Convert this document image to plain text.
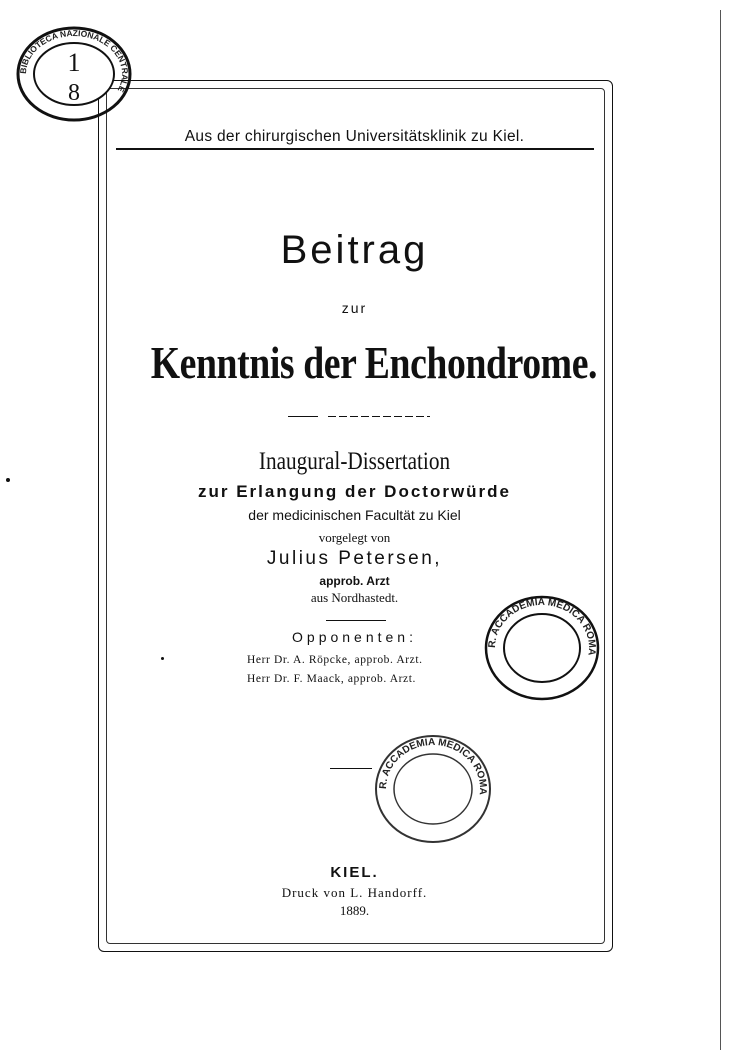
Aus der chirurgischen Universitätsklinik zu Kiel.
Beitrag
zur
Kenntnis der Enchondrome.
Inaugural-Dissertation
zur Erlangung der Doctorwürde
der medicinischen Facultät zu Kiel
vorgelegt von
Julius Petersen,
approb. Arzt
aus Nordhastedt.
Opponenten:
Herr Dr. A. Röpcke, approb. Arzt.
Herr Dr. F. Maack, approb. Arzt.
KIEL.
Druck von L. Handorff.
1889.
BIBLIOTECA NAZIONALE CENTRALE
1
8
R. ACCADEMIA MEDICA ROMA
R. ACCADEMIA MEDICA ROMA
